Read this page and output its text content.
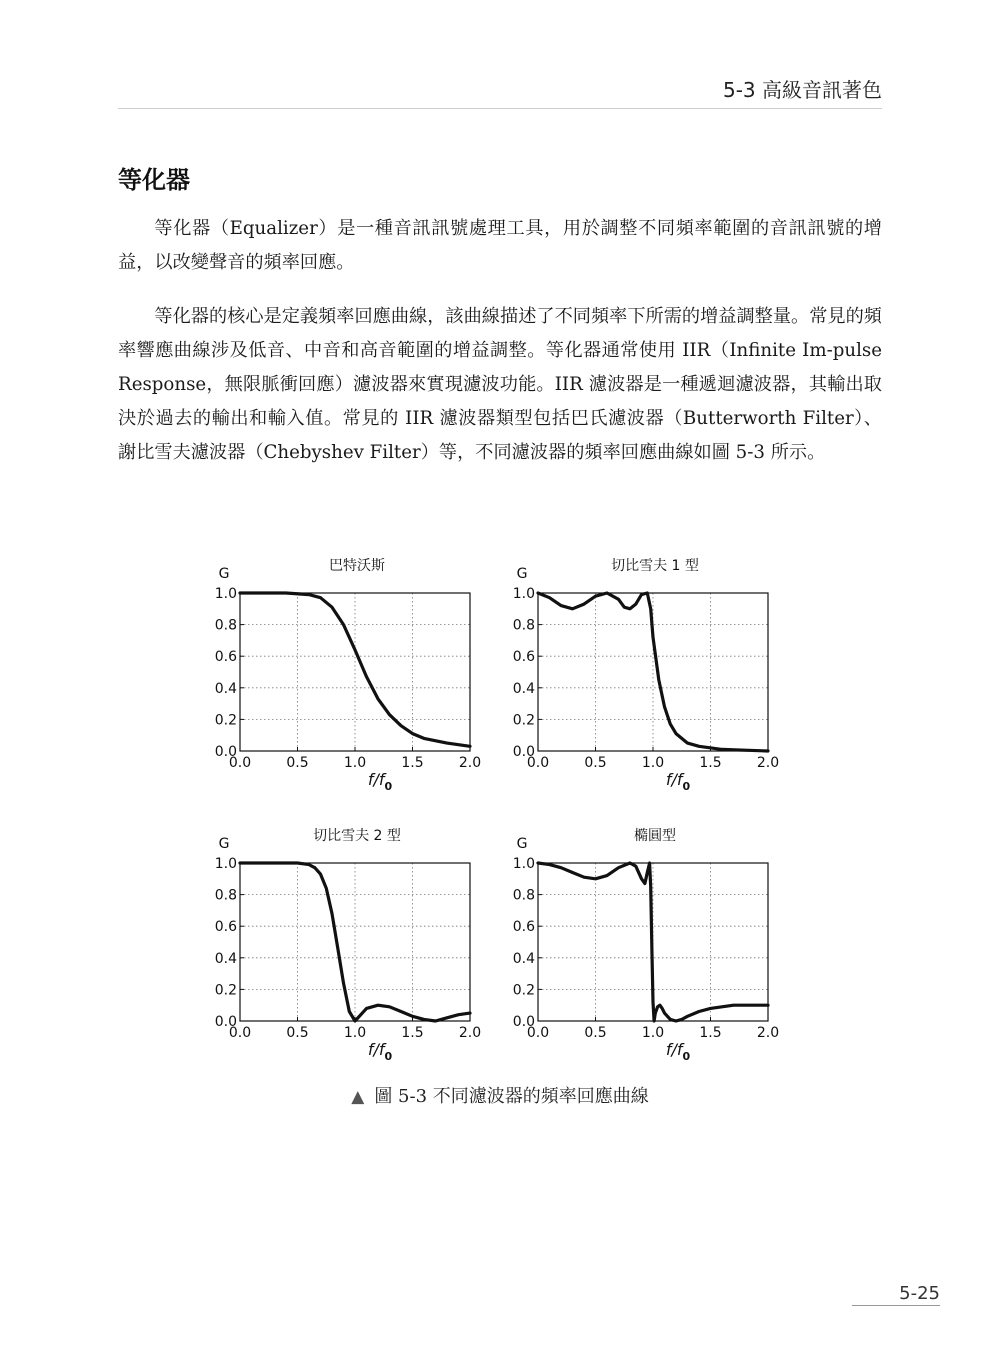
5-3 高級音訊著色
等化器

等化器（Equalizer）是一種音訊訊號處理工具，用於調整不同頻率範圍的音訊訊號的增益，以改變聲音的頻率回應。

等化器的核心是定義頻率回應曲線，該曲線描述了不同頻率下所需的增益調整量。常見的頻率響應曲線涉及低音、中音和高音範圍的增益調整。等化器通常使用 IIR（Infinite Im-pulse Response，無限脈衝回應）濾波器來實現濾波功能。IIR 濾波器是一種遞迴濾波器，其輸出取決於過去的輸出和輸入值。常見的 IIR 濾波器類型包括巴氏濾波器（Butterworth Filter）、謝比雪夫濾波器（Chebyshev Filter）等，不同濾波器的頻率回應曲線如圖 5-3 所示。

0.0	0.5	1.0	1.5	2.0
0.0
0.2
0.4
0.6
0.8
1.0
G	巴特沃斯
$f/f_0$
0.0	0.5	1.0	1.5	2.0
0.0
0.2
0.4
0.6
0.8
1.0
G	切比雪夫 1 型
$f/f_0$
0.0	0.5	1.0	1.5	2.0
0.0
0.2
0.4
0.6
0.8
1.0
G	切比雪夫 2 型
$f/f_0$
0.0	0.5	1.0	1.5	2.0
0.0
0.2
0.4
0.6
0.8
1.0
G	橢圓型
$f/f_0$
▲ 圖 5-3 不同濾波器的頻率回應曲線
5-25
